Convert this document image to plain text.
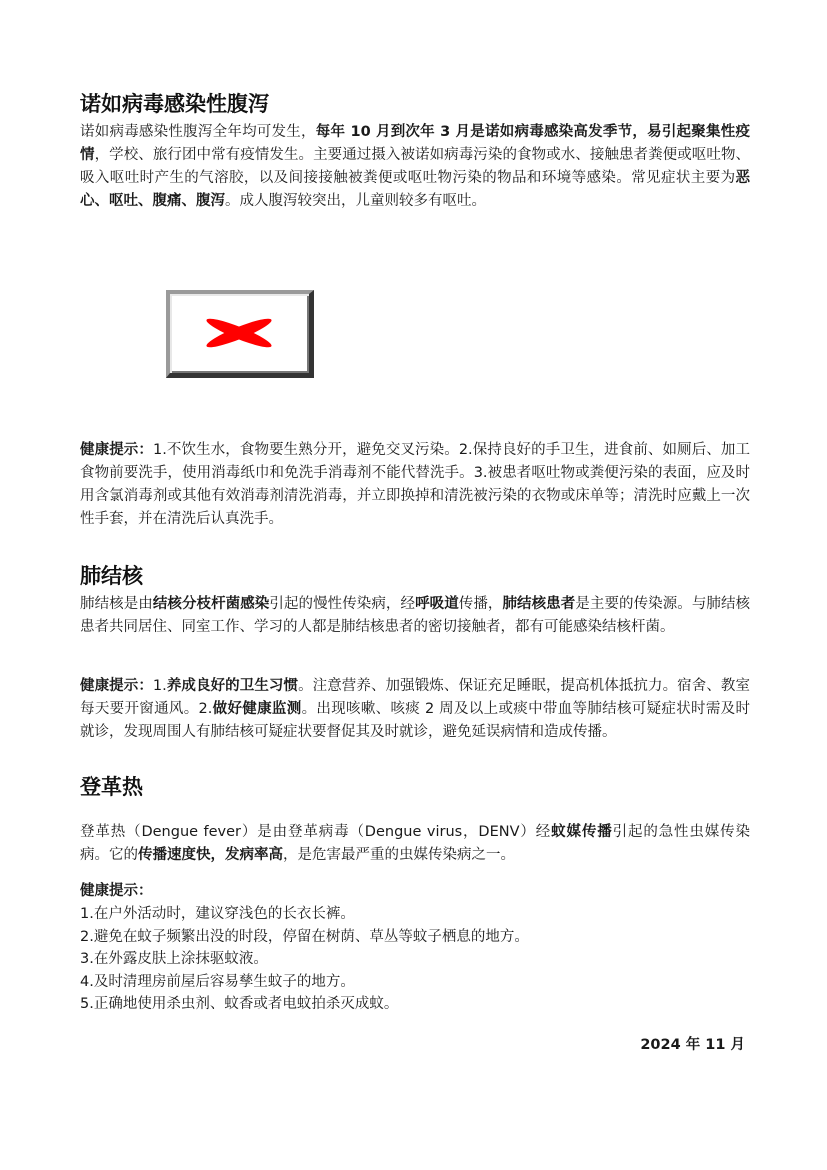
诺如病毒感染性腹泻

诺如病毒感染性腹泻全年均可发生，每年 10 月到次年 3 月是诺如病毒感染高发季节，易引起聚集性疫情，学校、旅行团中常有疫情发生。主要通过摄入被诺如病毒污染的食物或水、接触患者粪便或呕吐物、吸入呕吐时产生的气溶胶，以及间接接触被粪便或呕吐物污染的物品和环境等感染。常见症状主要为恶心、呕吐、腹痛、腹泻。成人腹泻较突出，儿童则较多有呕吐。

健康提示：1.不饮生水，食物要生熟分开，避免交叉污染。2.保持良好的手卫生，进食前、如厕后、加工食物前要洗手，使用消毒纸巾和免洗手消毒剂不能代替洗手。3.被患者呕吐物或粪便污染的表面，应及时用含氯消毒剂或其他有效消毒剂清洗消毒，并立即换掉和清洗被污染的衣物或床单等；清洗时应戴上一次性手套，并在清洗后认真洗手。

肺结核

肺结核是由结核分枝杆菌感染引起的慢性传染病，经呼吸道传播，肺结核患者是主要的传染源。与肺结核患者共同居住、同室工作、学习的人都是肺结核患者的密切接触者，都有可能感染结核杆菌。

健康提示：1.养成良好的卫生习惯。注意营养、加强锻炼、保证充足睡眠，提高机体抵抗力。宿舍、教室每天要开窗通风。2.做好健康监测。出现咳嗽、咳痰 2 周及以上或痰中带血等肺结核可疑症状时需及时就诊，发现周围人有肺结核可疑症状要督促其及时就诊，避免延误病情和造成传播。

登革热

登革热（Dengue fever）是由登革病毒（Dengue virus，DENV）经蚊媒传播引起的急性虫媒传染病。它的传播速度快，发病率高，是危害最严重的虫媒传染病之一。

健康提示：

1.在户外活动时，建议穿浅色的长衣长裤。
2.避免在蚊子频繁出没的时段，停留在树荫、草丛等蚊子栖息的地方。
3.在外露皮肤上涂抹驱蚊液。
4.及时清理房前屋后容易孳生蚊子的地方。
5.正确地使用杀虫剂、蚊香或者电蚊拍杀灭成蚊。

2024 年 11 月
